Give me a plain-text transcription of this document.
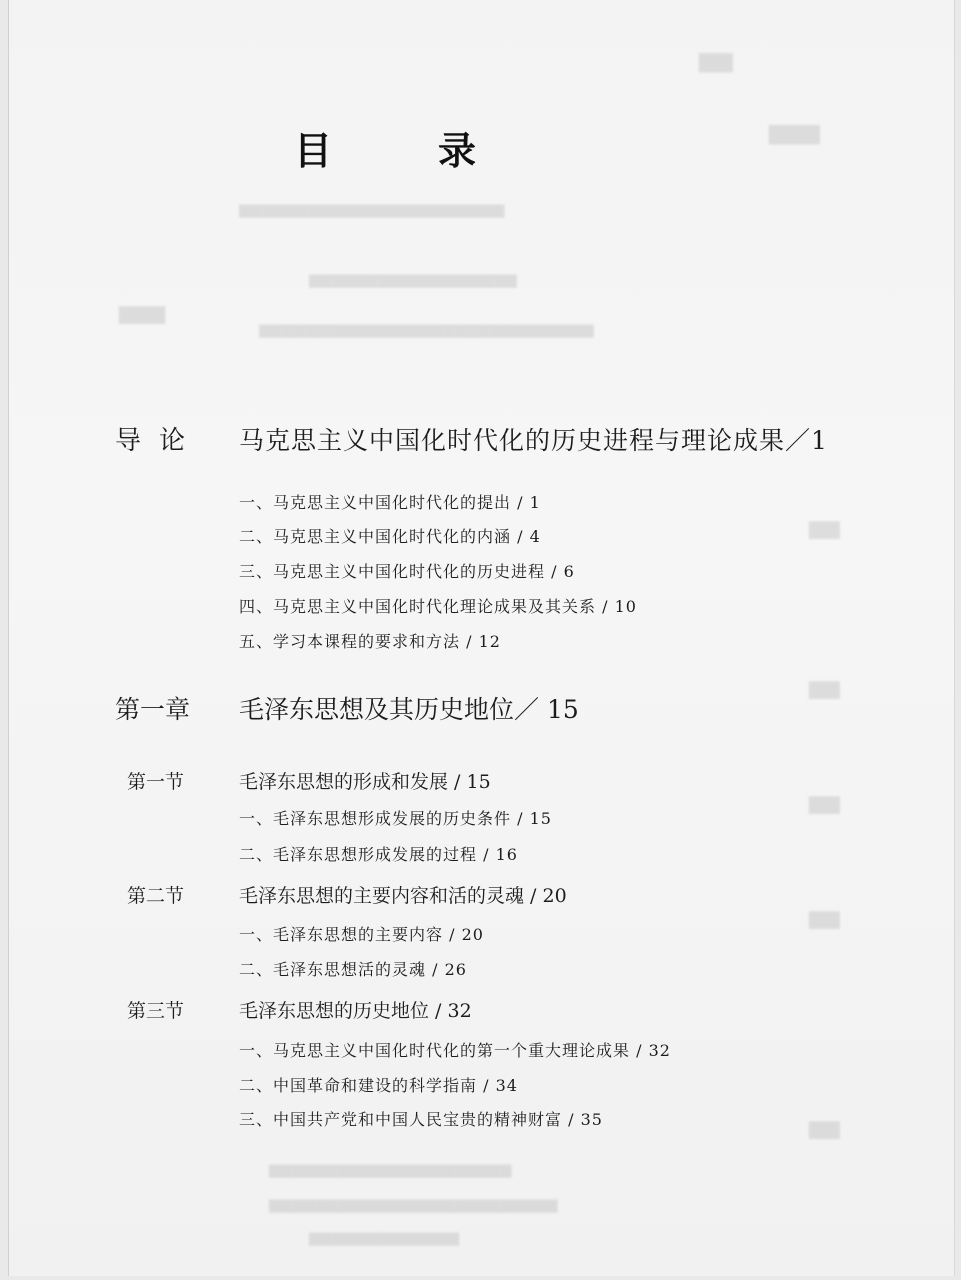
▆▆
▆▆▆
▆▆▆▆▆▆▆▆▆▆▆▆▆▆▆▆▆▆▆▆▆▆▆
▆▆▆▆▆▆▆▆▆▆▆▆▆▆▆▆▆▆
▆▆▆
▆▆▆▆▆▆▆▆▆▆▆▆▆▆▆▆▆▆▆▆▆▆▆▆▆▆▆▆▆
▆▆
▆▆
▆▆
▆▆
▆▆
▆▆▆▆▆▆▆▆▆▆▆▆▆▆▆▆▆▆▆▆▆
▆▆▆▆▆▆▆▆▆▆▆▆▆▆▆▆▆▆▆▆▆▆▆▆▆
▆▆▆▆▆▆▆▆▆▆▆▆▆
目　录
导论 马克思主义中国化时代化的历史进程与理论成果／1
一、马克思主义中国化时代化的提出 / 1
二、马克思主义中国化时代化的内涵 / 4
三、马克思主义中国化时代化的历史进程 / 6
四、马克思主义中国化时代化理论成果及其关系 / 10
五、学习本课程的要求和方法 / 12
第一章 毛泽东思想及其历史地位／ 15
第一节	毛泽东思想的形成和发展 / 15
一、毛泽东思想形成发展的历史条件 / 15
二、毛泽东思想形成发展的过程 / 16
第二节	毛泽东思想的主要内容和活的灵魂 / 20
一、毛泽东思想的主要内容 / 20
二、毛泽东思想活的灵魂 / 26
第三节	毛泽东思想的历史地位 / 32
一、马克思主义中国化时代化的第一个重大理论成果 / 32
二、中国革命和建设的科学指南 / 34
三、中国共产党和中国人民宝贵的精神财富 / 35
